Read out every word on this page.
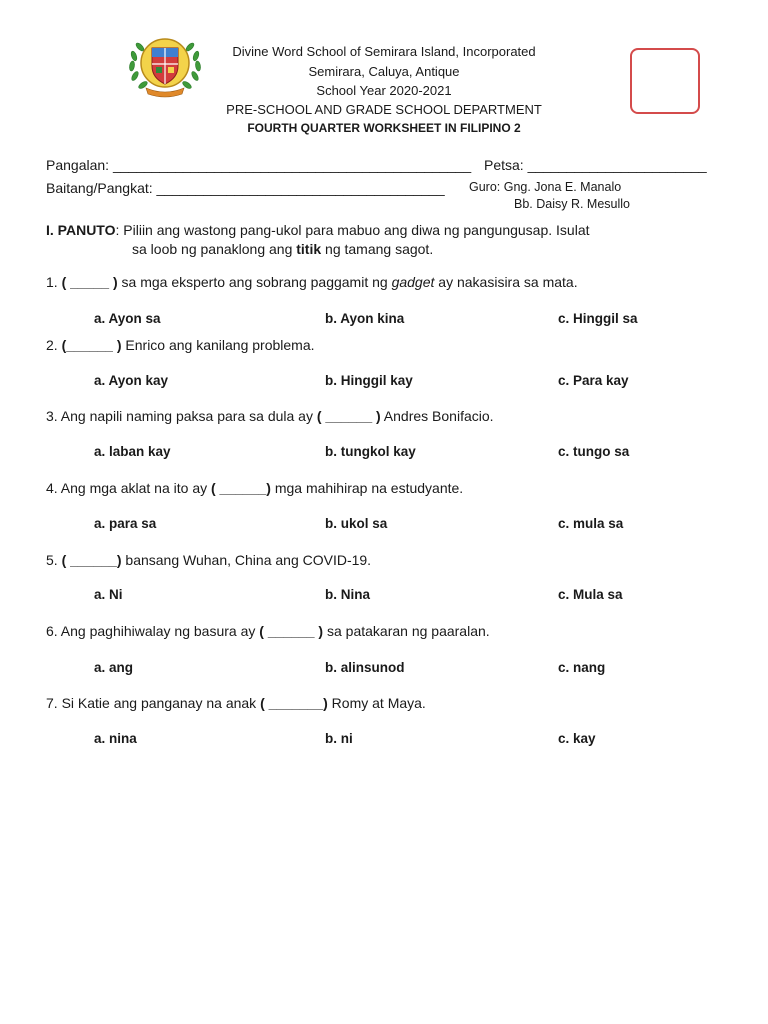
Divine Word School of Semirara Island, Incorporated
Semirara, Caluya, Antique
School Year 2020-2021
PRE-SCHOOL AND GRADE SCHOOL DEPARTMENT
FOURTH QUARTER WORKSHEET IN FILIPINO 2
Pangalan: ______________________________________________ Petsa: _______________________
Baitang/Pangkat: _____________________________________ Guro: Gng. Jona E. Manalo
Bb. Daisy R. Mesullo
I. PANUTO: Piliin ang wastong pang-ukol para mabuo ang diwa ng pangungusap. Isulat
sa loob ng panaklong ang titik ng tamang sagot.
1. ( _____ ) sa mga eksperto ang sobrang paggamit ng gadget ay nakasisira sa mata.
a. Ayon sa	b. Ayon kina	c. Hinggil sa
2. (______ ) Enrico ang kanilang problema.
a. Ayon kay	b. Hinggil kay	c. Para kay
3. Ang napili naming paksa para sa dula ay ( ______ ) Andres Bonifacio.
a. laban kay	b. tungkol kay	c. tungo sa
4. Ang mga aklat na ito ay ( ______) mga mahihirap na estudyante.
a. para sa	b. ukol sa	c. mula sa
5. ( ______) bansang Wuhan, China ang COVID-19.
a. Ni	b. Nina	c. Mula sa
6. Ang paghihiwalay ng basura ay ( ______ ) sa patakaran ng paaralan.
a. ang	b. alinsunod	c. nang
7. Si Katie ang panganay na anak ( _______) Romy at Maya.
a. nina	b. ni	c. kay
